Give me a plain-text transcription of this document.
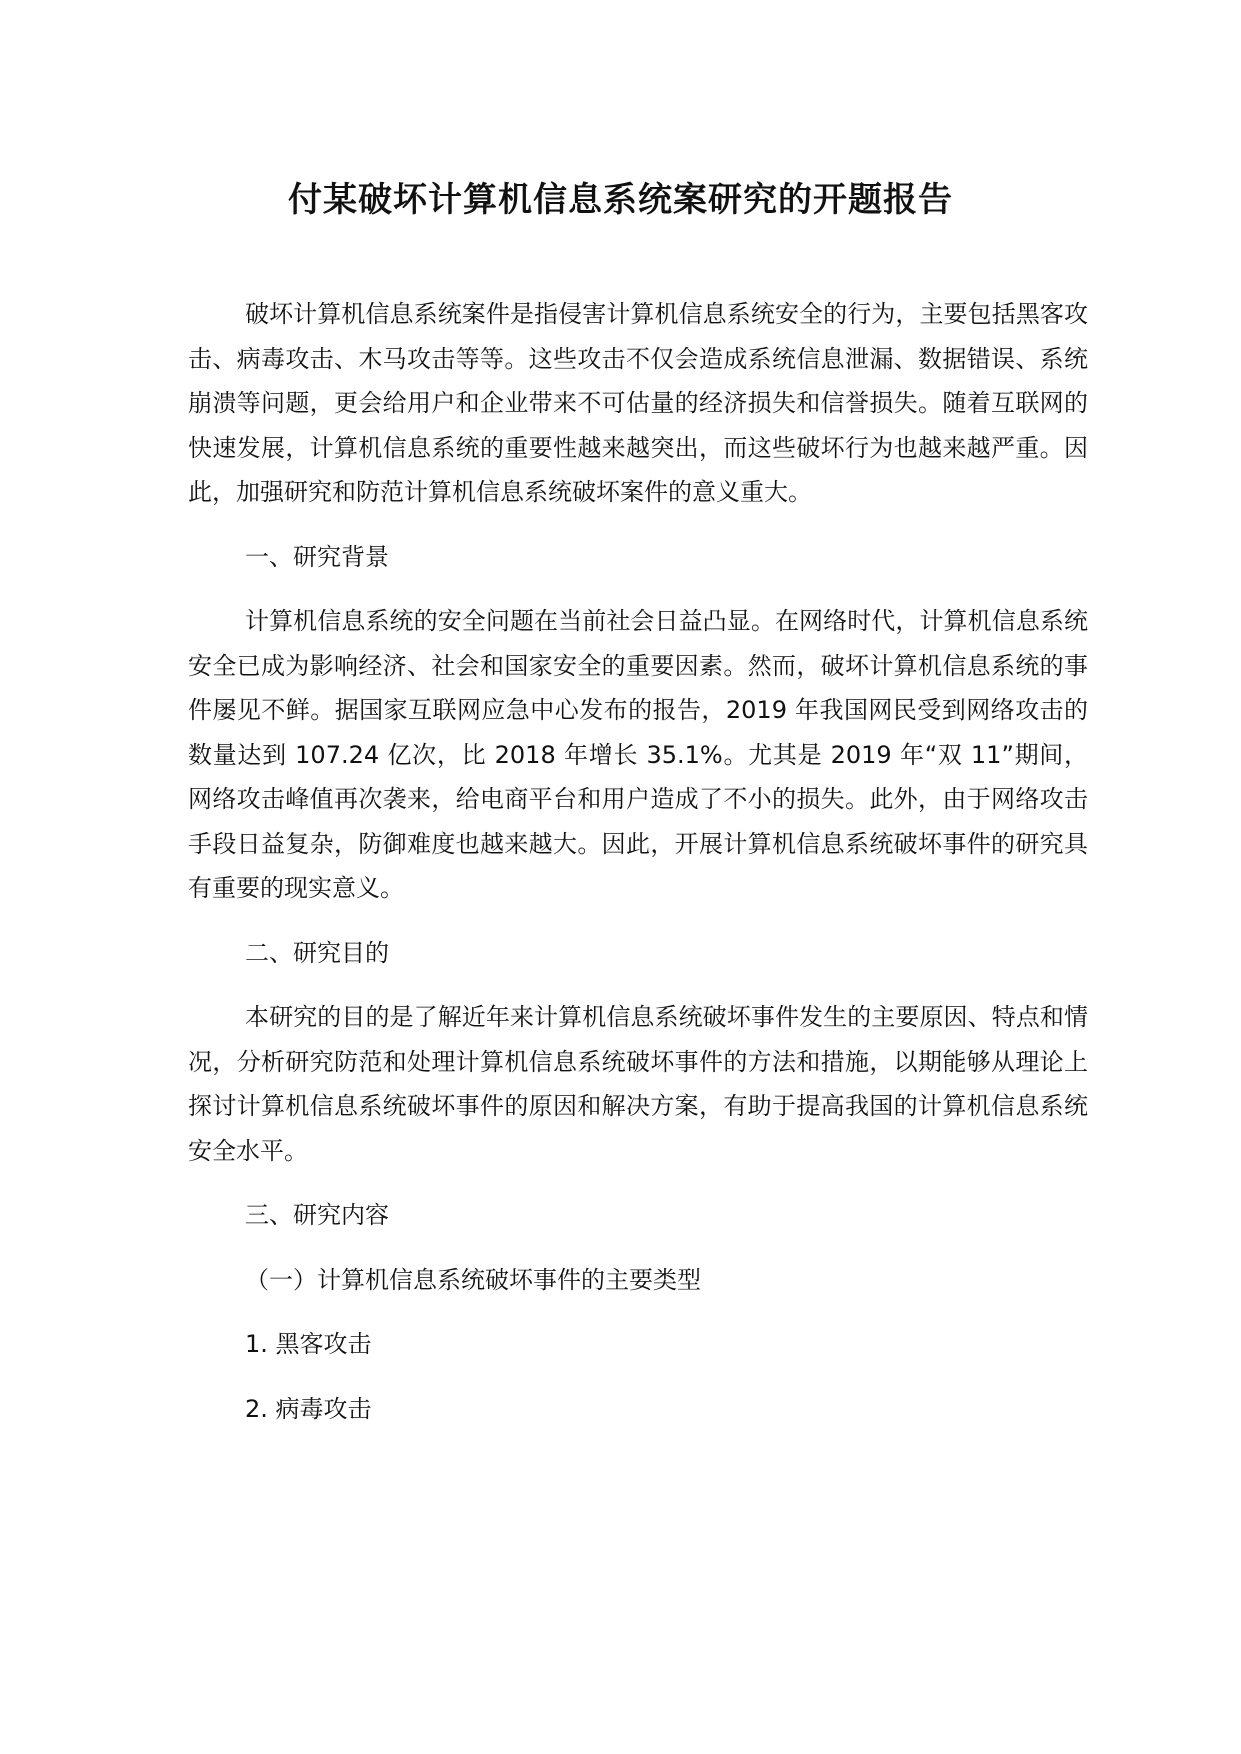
付某破坏计算机信息系统案研究的开题报告

破坏计算机信息系统案件是指侵害计算机信息系统安全的行为，主要包括黑客攻击、病毒攻击、木马攻击等等。这些攻击不仅会造成系统信息泄漏、数据错误、系统崩溃等问题，更会给用户和企业带来不可估量的经济损失和信誉损失。随着互联网的快速发展，计算机信息系统的重要性越来越突出，而这些破坏行为也越来越严重。因此，加强研究和防范计算机信息系统破坏案件的意义重大。

一、研究背景

计算机信息系统的安全问题在当前社会日益凸显。在网络时代，计算机信息系统安全已成为影响经济、社会和国家安全的重要因素。然而，破坏计算机信息系统的事件屡见不鲜。据国家互联网应急中心发布的报告，2019 年我国网民受到网络攻击的数量达到 107.24 亿次，比 2018 年增长 35.1%。尤其是 2019 年“双 11”期间，网络攻击峰值再次袭来，给电商平台和用户造成了不小的损失。此外，由于网络攻击手段日益复杂，防御难度也越来越大。因此，开展计算机信息系统破坏事件的研究具有重要的现实意义。

二、研究目的

本研究的目的是了解近年来计算机信息系统破坏事件发生的主要原因、特点和情况，分析研究防范和处理计算机信息系统破坏事件的方法和措施，以期能够从理论上探讨计算机信息系统破坏事件的原因和解决方案，有助于提高我国的计算机信息系统安全水平。

三、研究内容

（一）计算机信息系统破坏事件的主要类型

1. 黑客攻击

2. 病毒攻击
